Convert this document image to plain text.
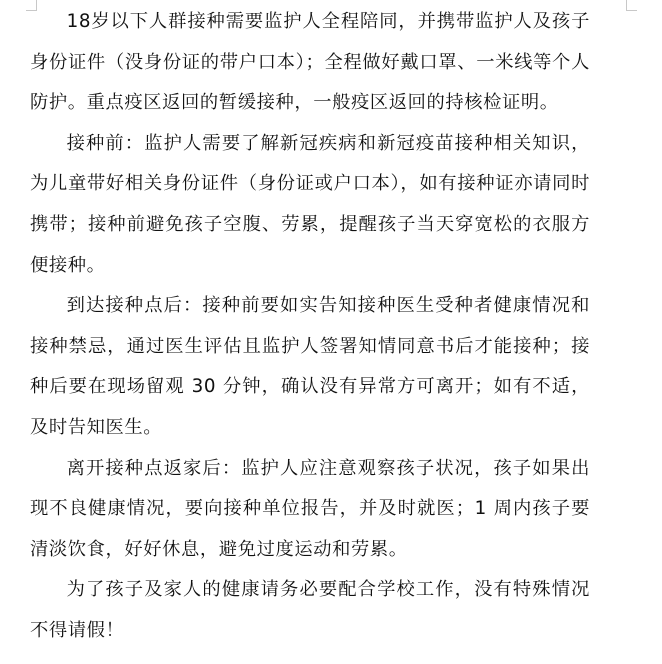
18岁以下人群接种需要监护人全程陪同，并携带监护人及孩子身份证件（没身份证的带户口本）；全程做好戴口罩、一米线等个人防护。重点疫区返回的暂缓接种，一般疫区返回的持核检证明。

接种前：监护人需要了解新冠疾病和新冠疫苗接种相关知识，为儿童带好相关身份证件（身份证或户口本），如有接种证亦请同时携带；接种前避免孩子空腹、劳累，提醒孩子当天穿宽松的衣服方便接种。

到达接种点后：接种前要如实告知接种医生受种者健康情况和接种禁忌，通过医生评估且监护人签署知情同意书后才能接种；接种后要在现场留观 30 分钟，确认没有异常方可离开；如有不适，及时告知医生。

离开接种点返家后：监护人应注意观察孩子状况，孩子如果出现不良健康情况，要向接种单位报告，并及时就医；1 周内孩子要清淡饮食，好好休息，避免过度运动和劳累。

为了孩子及家人的健康请务必要配合学校工作，没有特殊情况不得请假！
